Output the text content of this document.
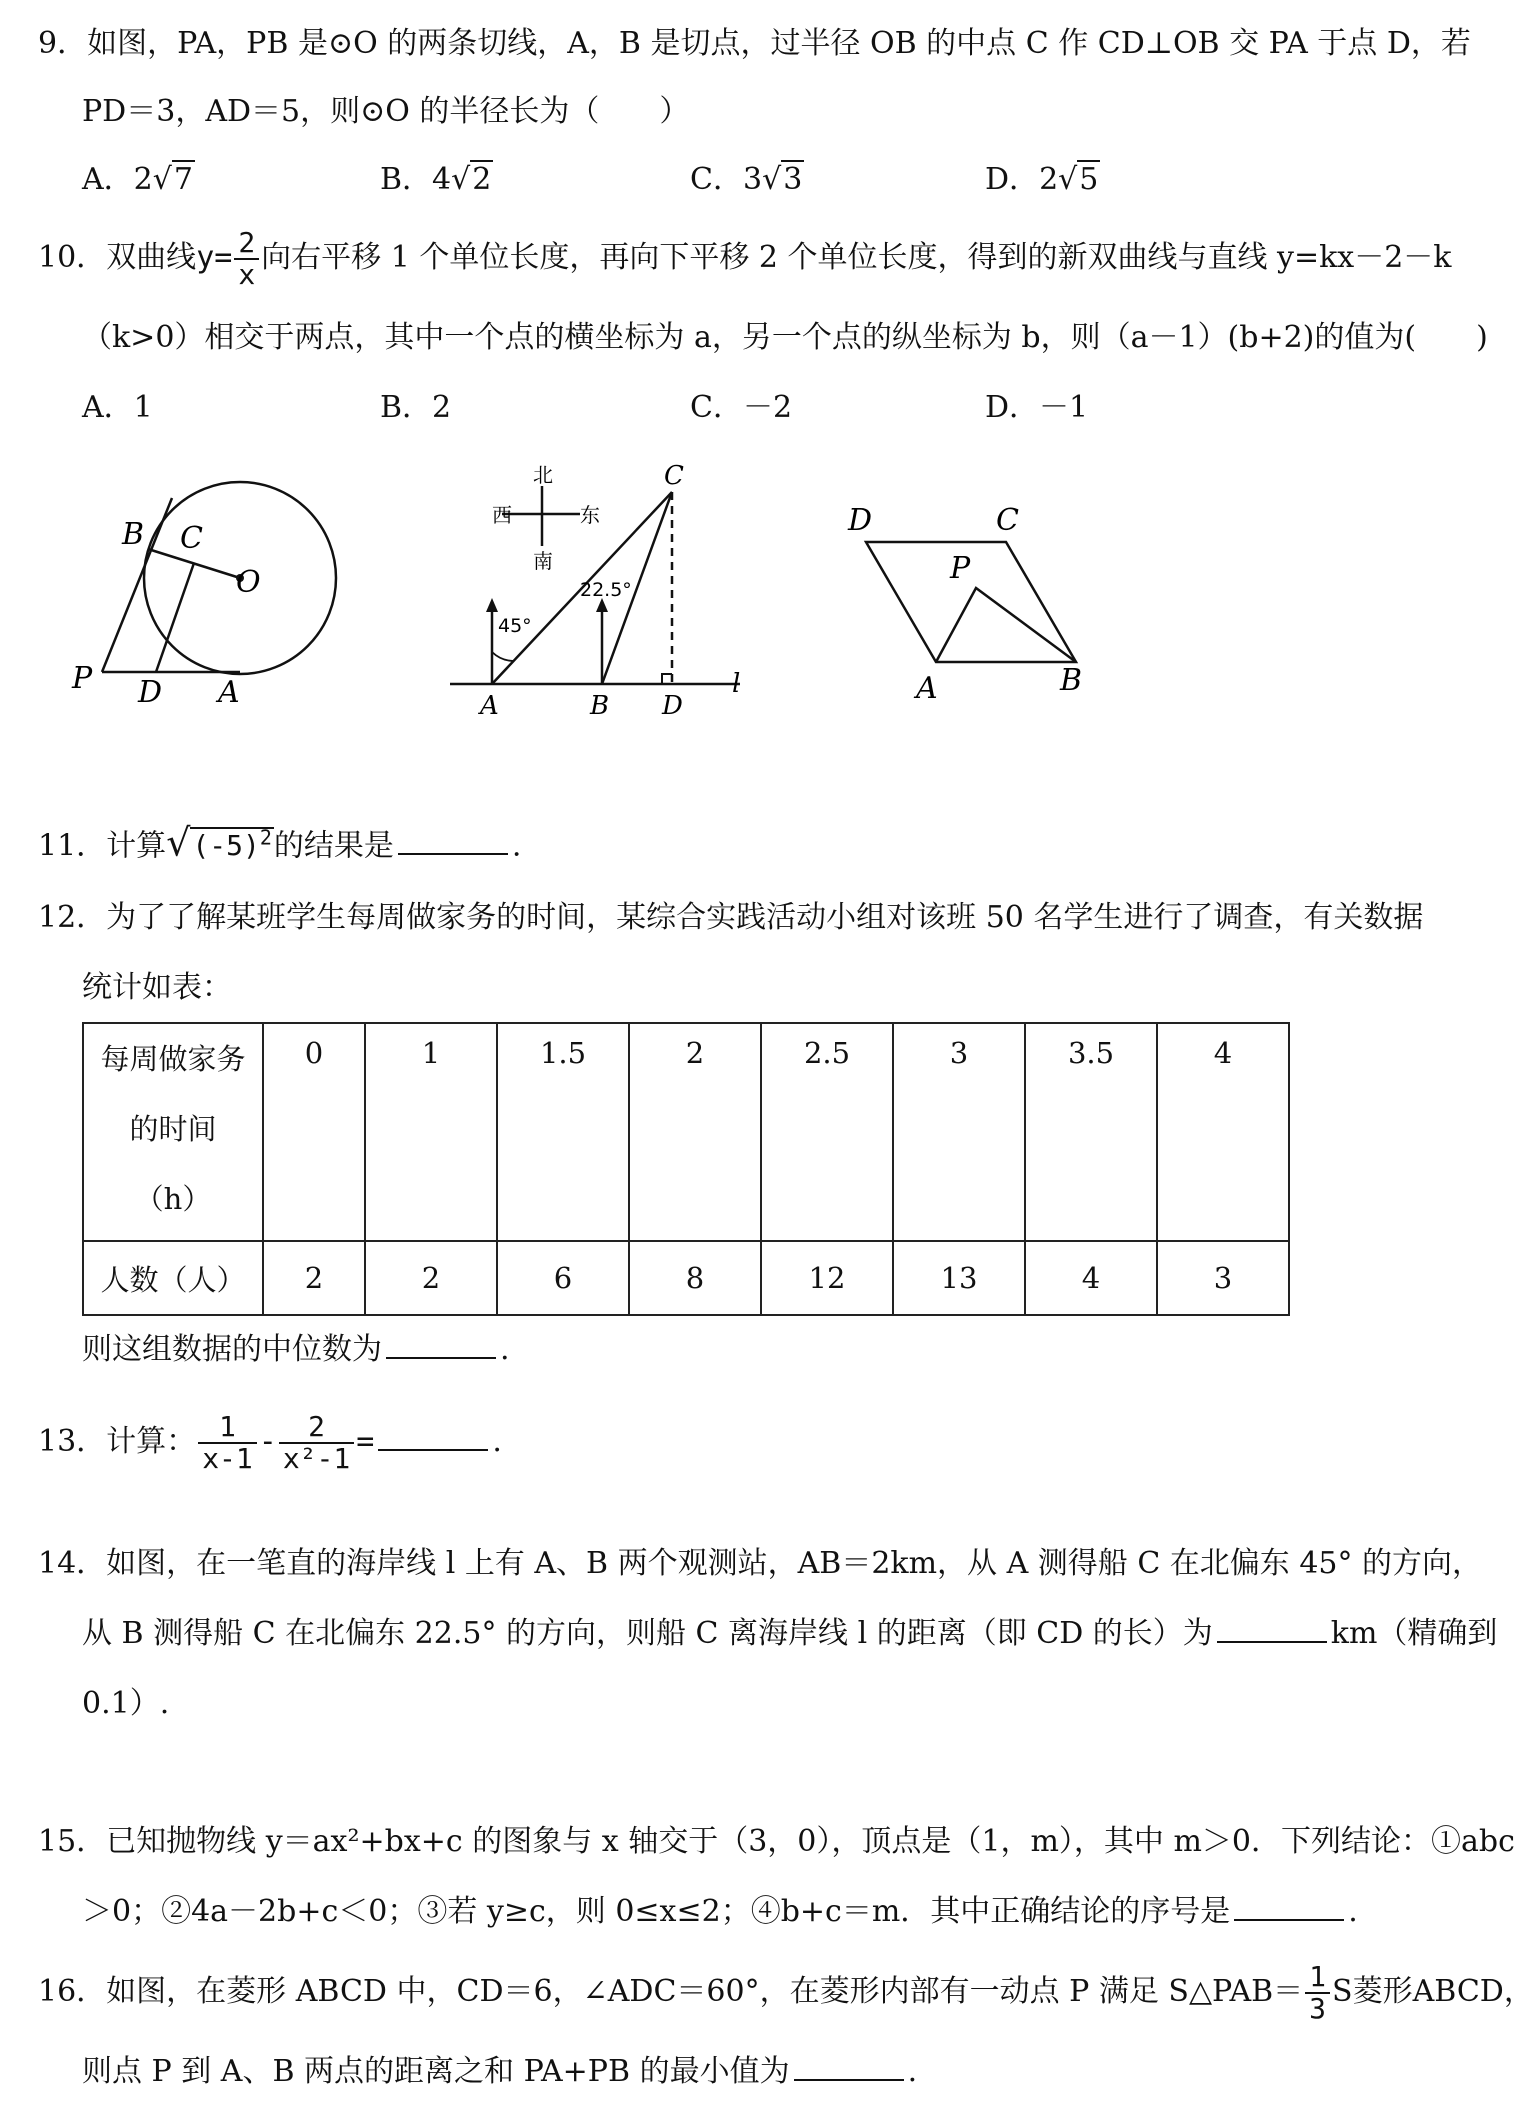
9．如图，PA，PB 是⊙O 的两条切线，A，B 是切点，过半径 OB 的中点 C 作 CD⊥OB 交 PA 于点 D，若
PD＝3，AD＝5，则⊙O 的半径长为（　　）
A．2√7	B．4√2	C．3√3	D．2√5
10．双曲线$y= \frac{2}{x}$ 向右平移 1 个单位长度，再向下平移 2 个单位长度，得到的新双曲线与直线 y=kx－2－k
（k>0）相交于两点，其中一个点的横坐标为 a，另一个点的纵坐标为 b，则（a－1）(b+2)的值为(　　)
A．1	B．2	C．－2	D．－1
B C
O
P D A
北
西	东
南
45°
22.5°
C
A	B D
l
D	C
P
A	B
11．计算$√(-5)^2$的结果是	.
12．为了了解某班学生每周做家务的时间，某综合实践活动小组对该班 50 名学生进行了调查，有关数据
统计如表：
每周做家务
的时间
（h）	0	1	1.5	2	2.5	3	3.5	4
人数（人）	2	2	6	8	12	13	4	3
则这组数据的中位数为	.
13．计算： $\frac{1}{x-1} - \frac{2}{\text{x²-1}}$ =	.
14．如图，在一笔直的海岸线 l 上有 A、B 两个观测站，AB＝2km，从 A 测得船 C 在北偏东 45° 的方向，
从 B 测得船 C 在北偏东 22.5° 的方向，则船 C 离海岸线 l 的距离（即 CD 的长）为	km（精确到
0.1）.
15．已知抛物线 y＝ax²+bx+c 的图象与 x 轴交于（3，0），顶点是（1，m），其中 m＞0．下列结论：①abc
＞0；②4a－2b+c＜0；③若 y≥c，则 0≤x≤2；④b+c＝m．其中正确结论的序号是	.
16．如图，在菱形 ABCD 中，CD＝6，∠ADC＝60°，在菱形内部有一动点 P 满足 S△PAB＝ $\frac{1}{3}$ S菱形ABCD，
则点 P 到 A、B 两点的距离之和 PA+PB 的最小值为	.
